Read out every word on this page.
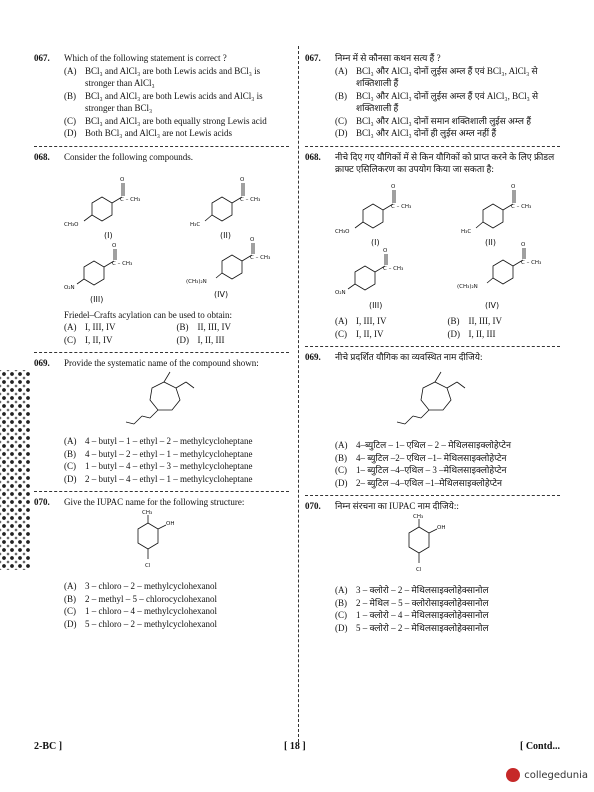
067.	Which of the following statement is correct ?
(A) BCl₃ and AlCl₃ are both Lewis acids and BCl₃ is stronger than AlCl₃
(B)	BCl₃ and AlCl₃ are both Lewis acids and AlCl₃ is stronger than BCl₃
(C)	BCl₃ and AlCl₃ are both equally strong Lewis acid
(D) Both BCl₃ and AlCl₃ are not Lewis acids
068.	Consider the following compounds.
O
C – CH₃
CH₃O
(I)
O
C – CH₃
H₃C
(II)
O
C – CH₃
O₂N
(III)
O
C – CH₃
(CH₃)₂N
(IV)
Friedel–Crafts acylation can be used to obtain:
(A) I, III, IV	(B)	II, III, IV
(C)	I, II, IV	(D) I, II, III
069.	Provide the systematic name of the compound shown:
(A) 4 – butyl – 1 – ethyl – 2 – methylcycloheptane
(B)	4 – butyl – 2 – ethyl – 1 – methylcycloheptane
(C)	1 – butyl – 4 – ethyl – 3 – methylcycloheptane
(D) 2 – butyl – 4 – ethyl – 1 – methylcycloheptane
070.	Give the IUPAC name for the following structure:
CH₃
OH
Cl
(A) 3 – chloro – 2 – methylcyclohexanol
(B)	2 – methyl – 5 – chlorocyclohexanol
(C)	1 – chloro – 4 – methylcyclohexanol
(D) 5 – chloro – 2 – methylcyclohexanol
067.	निम्न में से कौनसा कथन सत्य हैं ?
(A) BCl₃ और AlCl₃ दोनों लुईस अम्ल हैं एवं BCl₃, AlCl₃ से शक्तिशाली हैं
(B)	BCl₃ और AlCl₃ दोनों लुईस अम्ल हैं एवं AlCl₃, BCl₃ से शक्तिशाली हैं
(C)	BCl₃ और AlCl₃ दोनों समान शक्तिशाली लुईस अम्ल हैं
(D) BCl₃ और AlCl₃ दोनों ही लुईस अम्ल नहीं हैं
068.	नीचे दिए गए यौगिकों में से किन यौगिकों को प्राप्त करने के लिए फ्रीडल क्राफ्ट एसिलिकरण का उपयोग किया जा सकता है:
O
C – CH₃
CH₃O
(I)
O
C – CH₃
H₃C
(II)
O
C – CH₃
O₂N
(III)
O
C – CH₃
(CH₃)₂N
(IV)
(A) I, III, IV	(B)	II, III, IV
(C)	I, II, IV	(D) I, II, III
069.	नीचे प्रदर्शित यौगिक का व्यवस्थित नाम दीजिये:
(A) 4–ब्युटिल – 1– एथिल – 2 – मेथिलसाइक्लोहेप्टेन
(B)	4– ब्युटिल –2– एथिल –1– मेथिलसाइक्लोहेप्टेन
(C)	1– ब्युटिल –4–एथिल – 3 –मेथिलसाइक्लोहेप्टेन
(D) 2– ब्युटिल –4–एथिल –1–मेथिलसाइक्लोहेप्टेन
070.	निम्न संरचना का IUPAC नाम दीजिये::
CH₃
OH
Cl
(A) 3 – क्लोरो – 2 – मेथिलसाइक्लोहेक्सानोल
(B)	2 – मेथिल – 5 – क्लोरोसाइक्लोहेक्सानोल
(C)	1 – क्लोरो – 4 – मेथिलसाइक्लोहेक्सानोल
(D) 5 – क्लोरो – 2 – मेथिलसाइक्लोहेक्सानोल
2-BC ]	[ 18 ]	[ Contd...
collegedunia
